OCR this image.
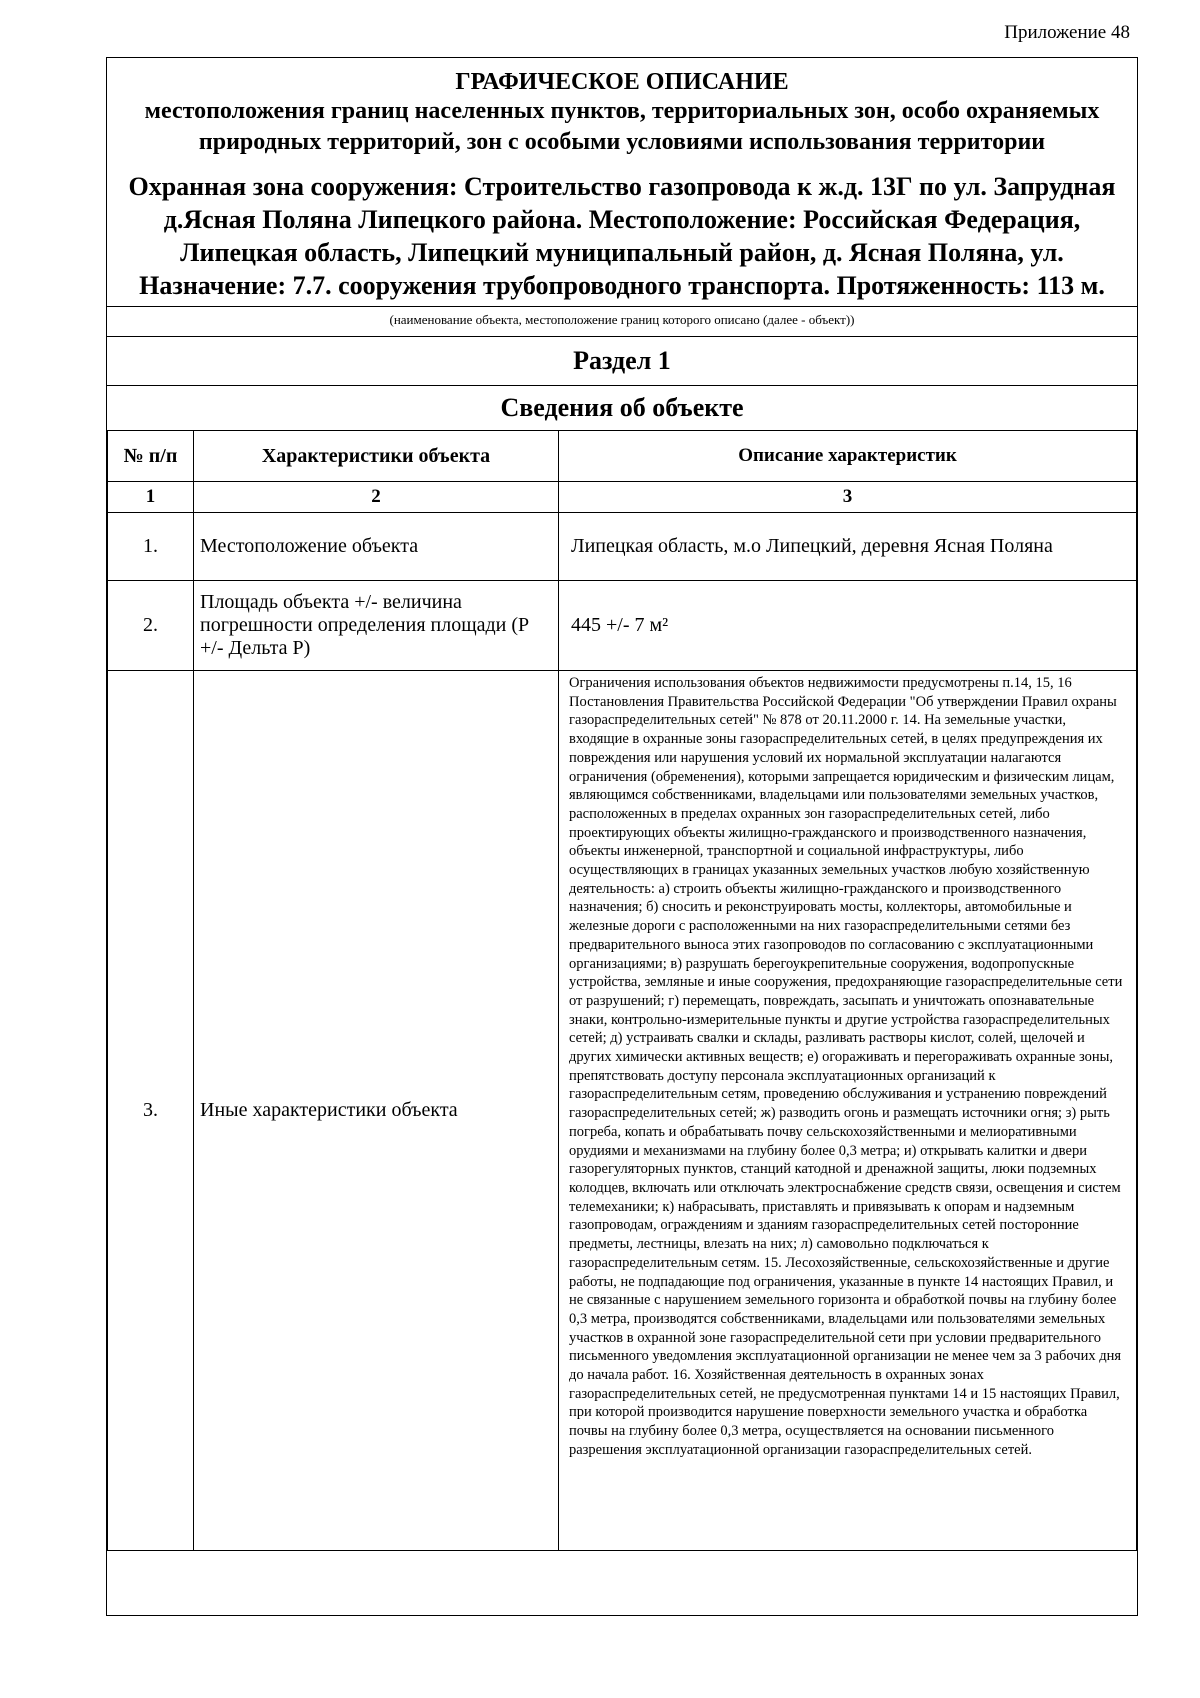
Приложение 48
ГРАФИЧЕСКОЕ ОПИСАНИЕ
местоположения границ населенных пунктов, территориальных зон, особо охраняемых природных территорий, зон с особыми условиями использования территории
Охранная зона сооружения: Строительство газопровода к ж.д. 13Г по ул. Запрудная д.Ясная Поляна Липецкого района. Местоположение: Российская Федерация, Липецкая область, Липецкий муниципальный район, д. Ясная Поляна, ул. Назначение: 7.7. сооружения трубопроводного транспорта. Протяженность: 113 м.
(наименование объекта, местоположение границ которого описано (далее - объект))
Раздел 1
Сведения об объекте
№ п/п	Характеристики объекта	Описание характеристик
1	2	3
1.	Местоположение объекта	Липецкая область, м.о Липецкий, деревня Ясная Поляна
2.	Площадь объекта +/- величина погрешности определения площади (Р +/- Дельта Р)	445 +/- 7 м²
3.	Иные характеристики объекта	Ограничения использования объектов недвижимости предусмотрены п.14, 15, 16 Постановления Правительства Российской Федерации "Об утверждении Правил охраны газораспределительных сетей" № 878 от 20.11.2000 г. 14. На земельные участки, входящие в охранные зоны газораспределительных сетей, в целях предупреждения их повреждения или нарушения условий их нормальной эксплуатации налагаются ограничения (обременения), которыми запрещается юридическим и физическим лицам, являющимся собственниками, владельцами или пользователями земельных участков, расположенных в пределах охранных зон газораспределительных сетей, либо проектирующих объекты жилищно-гражданского и производственного назначения, объекты инженерной, транспортной и социальной инфраструктуры, либо осуществляющих в границах указанных земельных участков любую хозяйственную деятельность: а) строить объекты жилищно-гражданского и производственного назначения; б) сносить и реконструировать мосты, коллекторы, автомобильные и железные дороги с расположенными на них газораспределительными сетями без предварительного выноса этих газопроводов по согласованию с эксплуатационными организациями; в) разрушать берегоукрепительные сооружения, водопропускные устройства, земляные и иные сооружения, предохраняющие газораспределительные сети от разрушений; г) перемещать, повреждать, засыпать и уничтожать опознавательные знаки, контрольно-измерительные пункты и другие устройства газораспределительных сетей; д) устраивать свалки и склады, разливать растворы кислот, солей, щелочей и других химически активных веществ; е) огораживать и перегораживать охранные зоны, препятствовать доступу персонала эксплуатационных организаций к газораспределительным сетям, проведению обслуживания и устранению повреждений газораспределительных сетей; ж) разводить огонь и размещать источники огня; з) рыть погреба, копать и обрабатывать почву сельскохозяйственными и мелиоративными орудиями и механизмами на глубину более 0,3 метра; и) открывать калитки и двери газорегуляторных пунктов, станций катодной и дренажной защиты, люки подземных колодцев, включать или отключать электроснабжение средств связи, освещения и систем телемеханики; к) набрасывать, приставлять и привязывать к опорам и надземным газопроводам, ограждениям и зданиям газораспределительных сетей посторонние предметы, лестницы, влезать на них; л) самовольно подключаться к газораспределительным сетям. 15. Лесохозяйственные, сельскохозяйственные и другие работы, не подпадающие под ограничения, указанные в пункте 14 настоящих Правил, и не связанные с нарушением земельного горизонта и обработкой почвы на глубину более 0,3 метра, производятся собственниками, владельцами или пользователями земельных участков в охранной зоне газораспределительной сети при условии предварительного письменного уведомления эксплуатационной организации не менее чем за 3 рабочих дня до начала работ. 16. Хозяйственная деятельность в охранных зонах газораспределительных сетей, не предусмотренная пунктами 14 и 15 настоящих Правил, при которой производится нарушение поверхности земельного участка и обработка почвы на глубину более 0,3 метра, осуществляется на основании письменного разрешения эксплуатационной организации газораспределительных сетей.
